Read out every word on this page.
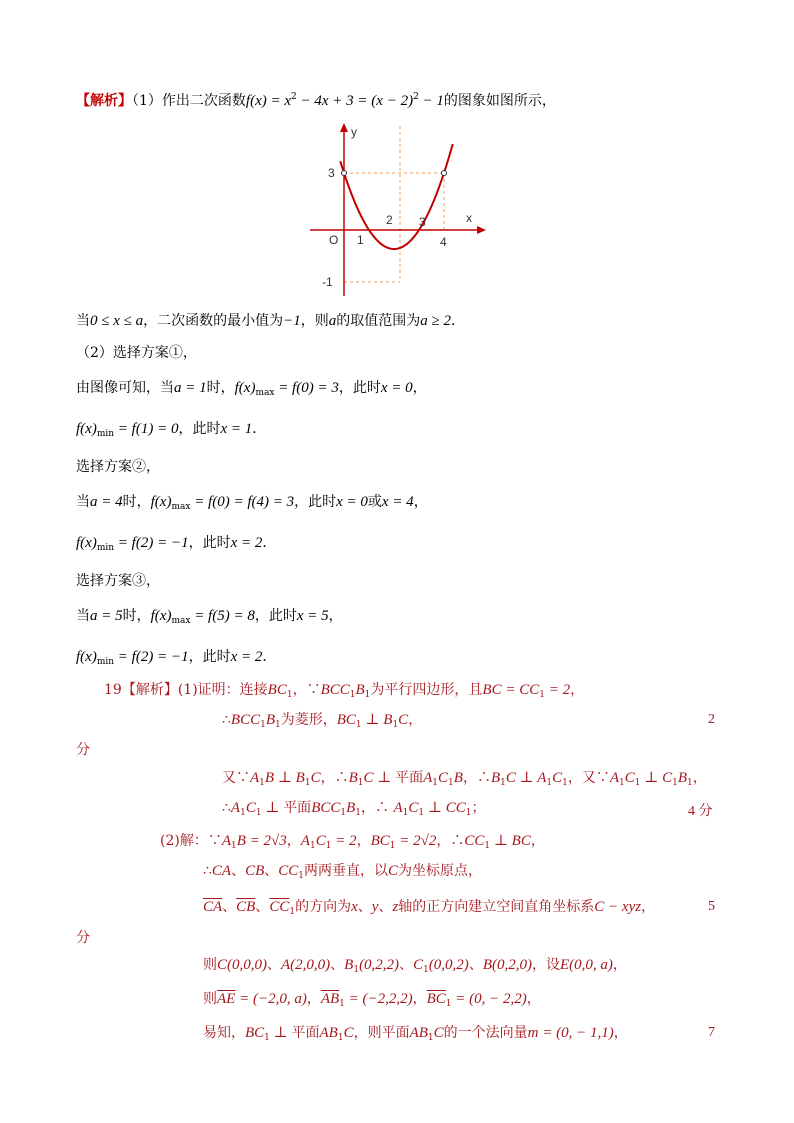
【解析】（1）作出二次函数$f(x) = x^2 - 4x + 3 = (x - 2)^2 - 1$的图象如图所示，
y
x
O
3
-1
1
2 3
4
当0 ≤ x ≤ a，二次函数的最小值为−1，则a的取值范围为a ≥ 2．
（2）选择方案①，
由图像可知，当a = 1时，$f(x)_{max} = f(0) = 3$，此时x = 0，
$f(x)_{min} = f(1) = 0$，此时x = 1．
选择方案②，
当a = 4时，$f(x)_{max} = f(0) = f(4) = 3$，此时x = 0或x = 4，
$f(x)_{min} = f(2) = -1$，此时x = 2．
选择方案③，
当a = 5时，$f(x)_{max} = f(5) = 8$，此时x = 5，
$f(x)_{min} = f(2) = -1$，此时x = 2．
19【解析】(1)证明：连接$BC_1$，$\because BCC_1B_1$为平行四边形，且BC = $CC_1 = 2$，
$\therefore BCC_1B_1$为菱形，$BC_1$ ⊥ $B_1C$，	2
分
又$\because A_1B$ ⊥ $B_1C$，$\therefore B_1C$ ⊥ 平面$A_1C_1B$，$\therefore B_1C$ ⊥ $A_1C_1$，又$\because A_1C_1$ ⊥ $C_1B_1$，
$\therefore A_1C_1$ ⊥ 平面$BCC_1B_1$，∴ $A_1C_1$ ⊥ $CC_1$；	4 分
(2)解：$\because A_1B = 2√3$，$A_1C_1 = 2$，$BC_1 = 2√2$，$\therefore CC_1$ ⊥ BC，
∴CA、CB、$CC_1$两两垂直，以C为坐标原点，
$\overline{CA}$、$\overline{CB}$、$\overline{CC}_1$的方向为x、y、z轴的正方向建立空间直角坐标系C − xyz，	5
分
则C(0,0,0)、A(2,0,0)、$B_1(0,2,2)$、$C_1(0,0,2)$、B(0,2,0)，设E(0,0, a)，
则$\overline{AE} = (-2,0$, a)，$\overline{AB}_1 = (-2,2,2)$，$\overline{BC}_1 = (0$, − 2,2)，
易知，$BC_1$ ⊥ 平面$AB_1C$，则平面$AB_1C$的一个法向量m = (0, − 1,1)，	7
